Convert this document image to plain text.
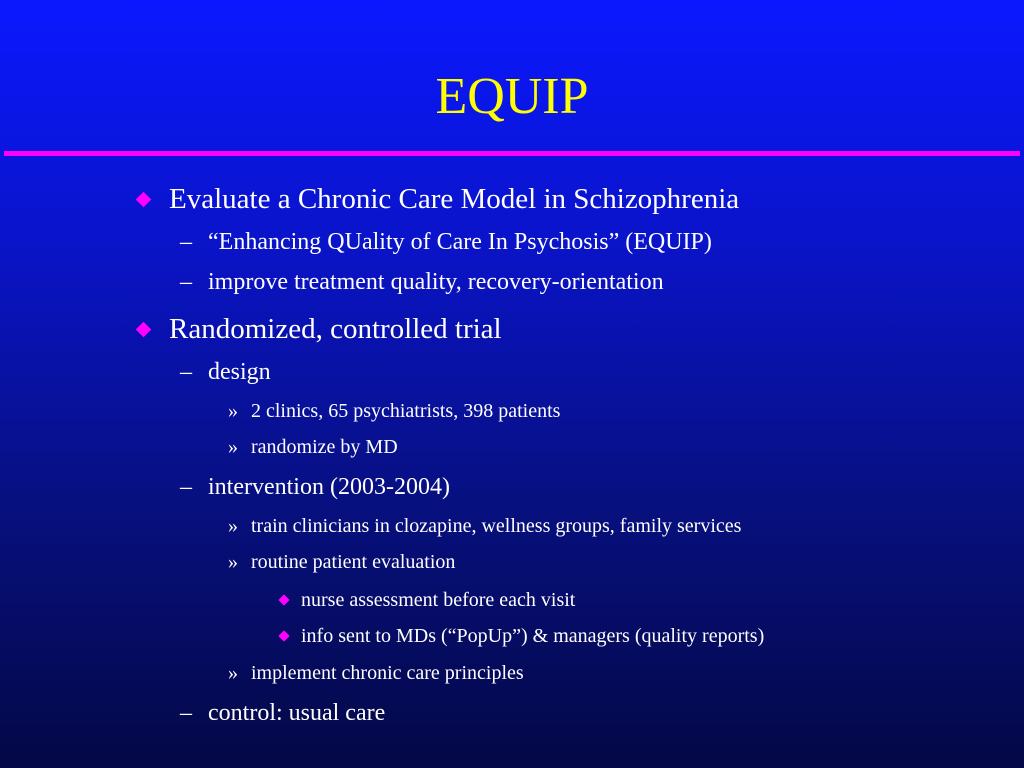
EQUIP
Evaluate a Chronic Care Model in Schizophrenia
– “Enhancing QUality of Care In Psychosis” (EQUIP)
– improve treatment quality, recovery-orientation
Randomized, controlled trial
– design
» 2 clinics, 65 psychiatrists, 398 patients
» randomize by MD
– intervention (2003-2004)
» train clinicians in clozapine, wellness groups, family services
» routine patient evaluation
nurse assessment before each visit
info sent to MDs (“PopUp”) & managers (quality reports)
» implement chronic care principles
– control: usual care
